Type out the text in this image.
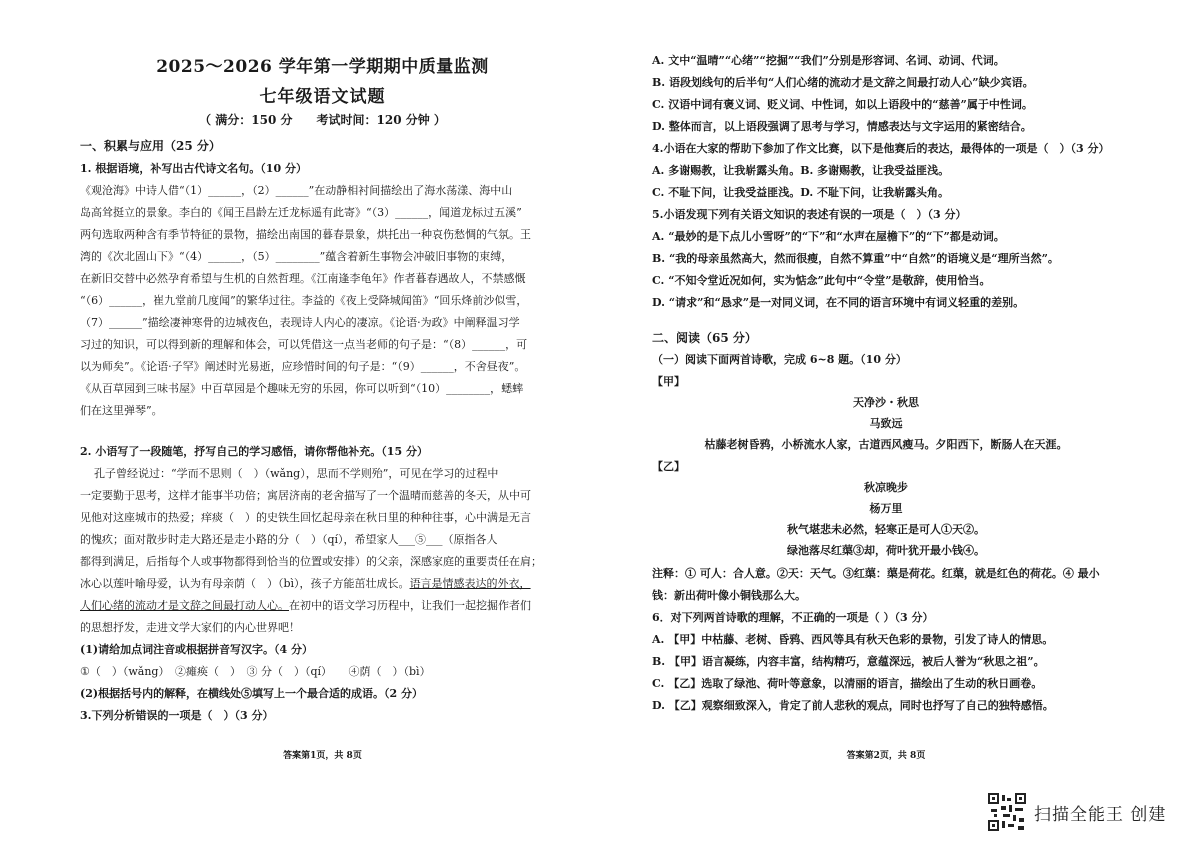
2025～2026 学年第一学期期中质量监测
七年级语文试题
（ 满分：150 分　　考试时间：120 分钟 ）
一、积累与应用（25 分）
1. 根据语境，补写出古代诗文名句。（10 分）
《观沧海》中诗人借“（1）______，（2）______”在动静相衬间描绘出了海水荡漾、海中山
岛高耸挺立的景象。李白的《闻王昌龄左迁龙标遥有此寄》“（3）______，闻道龙标过五溪”
两句选取两种含有季节特征的景物，描绘出南国的暮春景象，烘托出一种哀伤愁惆的气氛。王
湾的《次北固山下》“（4）______，（5）________”蕴含着新生事物会冲破旧事物的束缚，
在新旧交替中必然孕育希望与生机的自然哲理。《江南逢李龟年》作者暮春遇故人，不禁感慨
“（6）______，崔九堂前几度闻”的繁华过往。李益的《夜上受降城闻笛》“回乐烽前沙似雪，
（7）______”描绘凄神寒骨的边城夜色，表现诗人内心的凄凉。《论语·为政》中阐释温习学
习过的知识，可以得到新的理解和体会，可以凭借这一点当老师的句子是：“（8）______，可
以为师矣”。《论语·子罕》阐述时光易逝，应珍惜时间的句子是：“（9）______，不舍昼夜”。
《从百草园到三味书屋》中百草园是个趣味无穷的乐园，你可以听到“（10）________，蟋蟀
们在这里弹琴”。
2. 小语写了一段随笔，抒写自己的学习感悟，请你帮他补充。（15 分）
孔子曾经说过：“学而不思则（　）（wǎng），思而不学则殆”，可见在学习的过程中
一定要勤于思考，这样才能事半功倍；寓居济南的老舍描写了一个温晴而慈善的冬天，从中可
见他对这座城市的热爱；痒痰（　）的史铁生回忆起母亲在秋日里的种种往事，心中满是无言
的愧疚；面对散步时走大路还是走小路的分（　）（qí），希望家人___⑤___（原指各人
都得到满足，后指每个人或事物都得到恰当的位置或安排）的父亲，深感家庭的重要责任在肩；
冰心以莲叶喻母爱，认为有母亲荫（　）（bì），孩子方能茁壮成长。语言是情感表达的外衣，
人们心绪的流动才是文辞之间最打动人心。在初中的语文学习历程中，让我们一起挖掘作者们
的思想抒发，走进文学大家们的内心世界吧！
(1)请给加点词注音或根据拼音写汉字。（4 分）
①（　）（wǎng）　②瘫痪（　）　③ 分（　）（qí）　　④荫（　）（bì）
(2)根据括号内的解释，在横线处⑤填写上一个最合适的成语。（2 分）
3.下列分析错误的一项是（　）（3 分）
答案第1页，共 8页
A. 文中“温晴”“心绪”“挖掘”“我们”分别是形容词、名词、动词、代词。
B. 语段划线句的后半句“人们心绪的流动才是文辞之间最打动人心”缺少宾语。
C. 汉语中词有褒义词、贬义词、中性词，如以上语段中的“慈善”属于中性词。
D. 整体而言，以上语段强调了思考与学习，情感表达与文字运用的紧密结合。
4.小语在大家的帮助下参加了作文比赛，以下是他赛后的表达，最得体的一项是（　）（3 分）
A. 多谢赐教，让我崭露头角。B. 多谢赐教，让我受益匪浅。
C. 不耻下问，让我受益匪浅。D. 不耻下问，让我崭露头角。
5.小语发现下列有关语文知识的表述有误的一项是（　）（3 分）
A. “最妙的是下点儿小雪呀”的“下”和“水声在屋檐下”的“下”都是动词。
B. “我的母亲虽然高大，然而很瘦，自然不算重”中“自然”的语境义是“理所当然”。
C. “不知令堂近况如何，实为惦念”此句中“令堂”是敬辞，使用恰当。
D. “请求”和“恳求”是一对同义词，在不同的语言环境中有词义轻重的差别。
二、阅读（65 分）
（一）阅读下面两首诗歌，完成 6~8 题。（10 分）
【甲】
天净沙・秋思
马致远
枯藤老树昏鸦，小桥流水人家，古道西风瘦马。夕阳西下，断肠人在天涯。
【乙】
秋凉晚步
杨万里
秋气堪悲未必然，轻寒正是可人①天②。
绿池落尽红蕖③却，荷叶犹开最小钱④。
注释：① 可人：合人意。②天：天气。③红蕖：蕖是荷花。红蕖，就是红色的荷花。④ 最小
钱：新出荷叶像小铜钱那么大。
6．对下列两首诗歌的理解，不正确的一项是（ ）（3 分）
A. 【甲】中枯藤、老树、昏鸦、西风等具有秋天色彩的景物，引发了诗人的情思。
B. 【甲】语言凝练，内容丰富，结构精巧，意蕴深远，被后人誉为“秋思之祖”。
C. 【乙】选取了绿池、荷叶等意象，以清丽的语言，描绘出了生动的秋日画卷。
D. 【乙】观察细致深入，肯定了前人悲秋的观点，同时也抒写了自己的独特感悟。
答案第2页，共 8页
扫描全能王 创建
